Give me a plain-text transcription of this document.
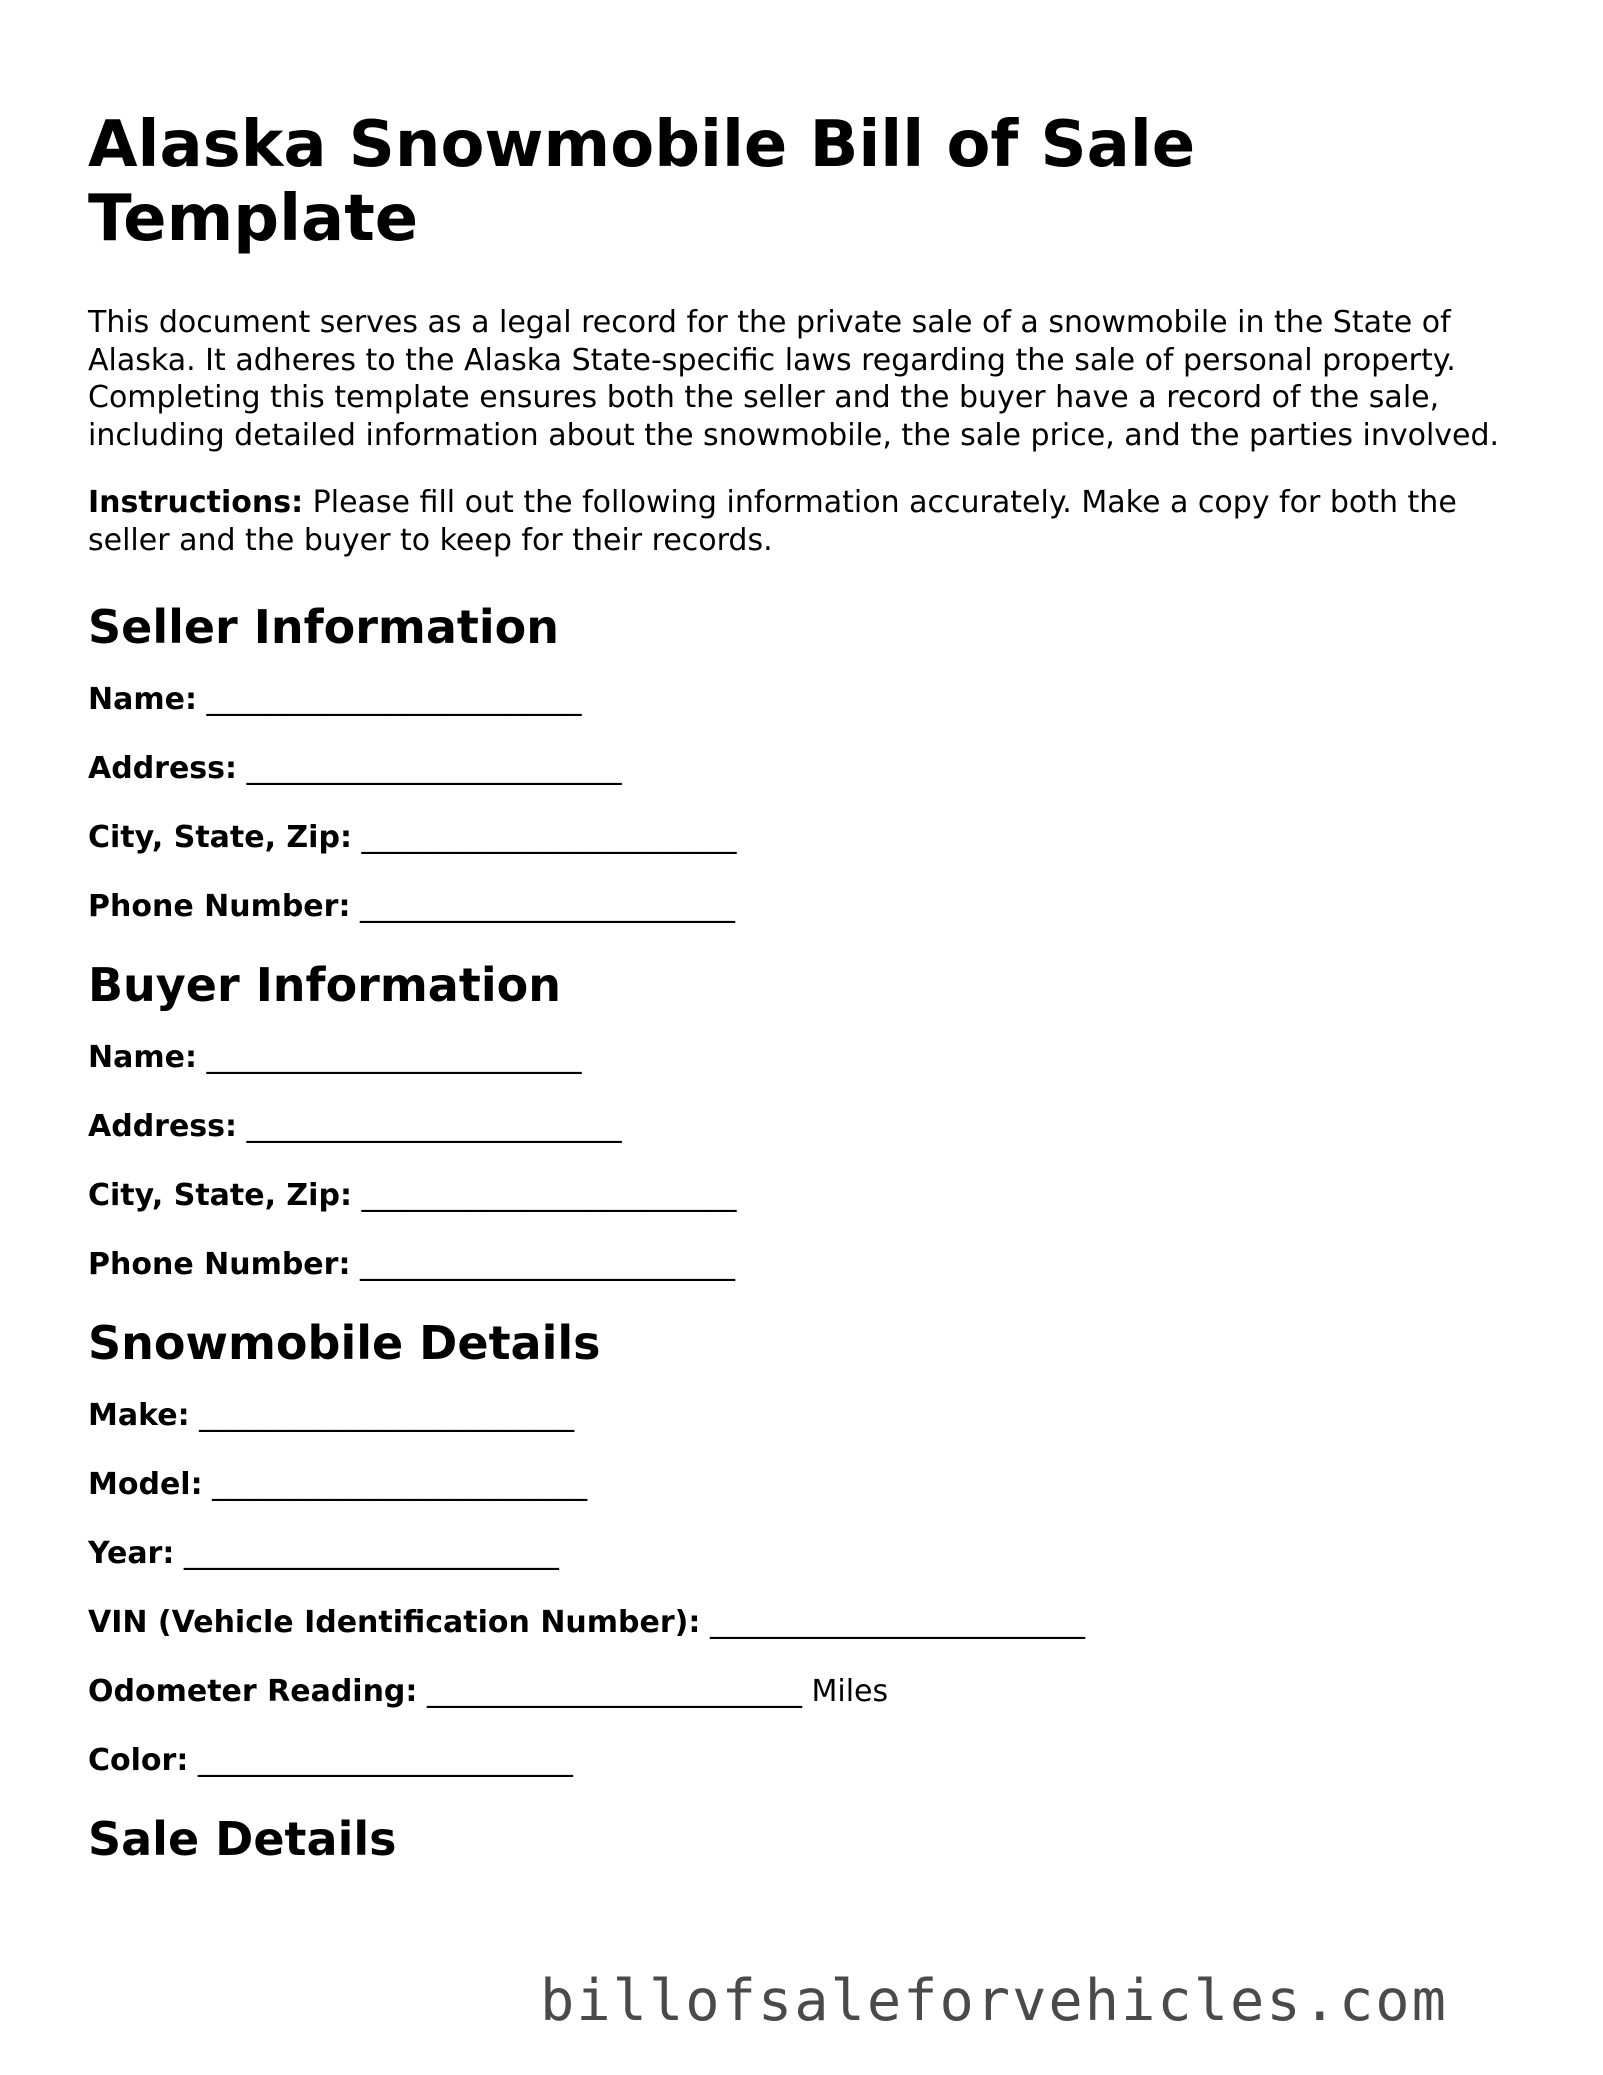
Alaska Snowmobile Bill of Sale Template

This document serves as a legal record for the private sale of a snowmobile in the State of Alaska. It adheres to the Alaska State-specific laws regarding the sale of personal property. Completing this template ensures both the seller and the buyer have a record of the sale, including detailed information about the snowmobile, the sale price, and the parties involved.

Instructions: Please fill out the following information accurately. Make a copy for both the seller and the buyer to keep for their records.

Seller Information
Name: _________________________
Address: _________________________
City, State, Zip: _________________________
Phone Number: _________________________
Buyer Information
Name: _________________________
Address: _________________________
City, State, Zip: _________________________
Phone Number: _________________________
Snowmobile Details
Make: _________________________
Model: _________________________
Year: _________________________
VIN (Vehicle Identification Number): _________________________
Odometer Reading: _________________________ Miles
Color: _________________________
Sale Details
billofsaleforvehicles.com
